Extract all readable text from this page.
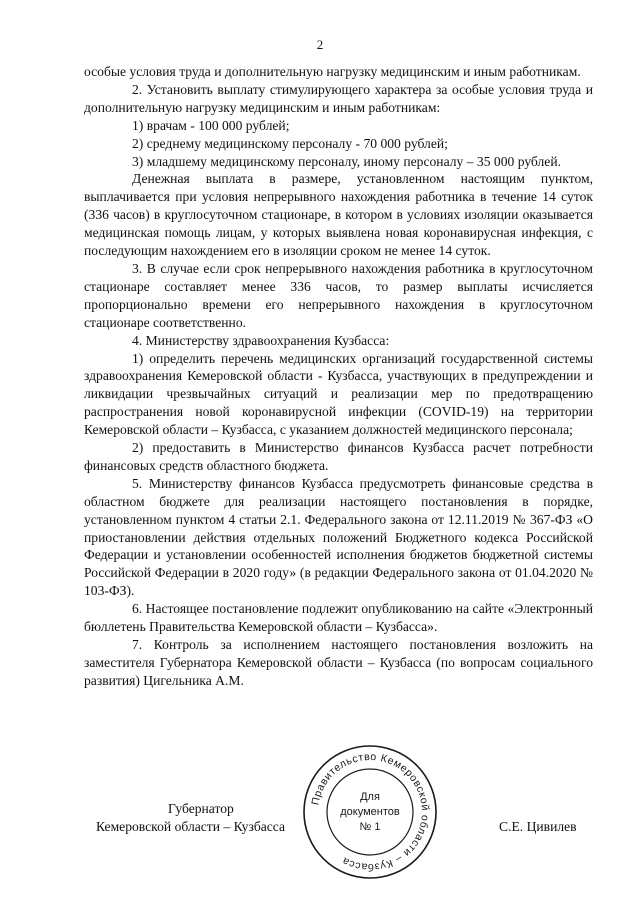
2

особые условия труда и дополнительную нагрузку медицинским и иным работникам.

2. Установить выплату стимулирующего характера за особые условия труда и дополнительную нагрузку медицинским и иным работникам:

1) врачам - 100 000 рублей;

2) среднему медицинскому персоналу - 70 000 рублей;

3) младшему медицинскому персоналу, иному персоналу – 35 000 рублей.

Денежная выплата в размере, установленном настоящим пунктом, выплачивается при условия непрерывного нахождения работника в течение 14 суток (336 часов) в круглосуточном стационаре, в котором в условиях изоляции оказывается медицинская помощь лицам, у которых выявлена новая коронавирусная инфекция, с последующим нахождением его в изоляции сроком не менее 14 суток.

3. В случае если срок непрерывного нахождения работника в круглосуточном стационаре составляет менее 336 часов, то размер выплаты исчисляется пропорционально времени его непрерывного нахождения в круглосуточном стационаре соответственно.

4. Министерству здравоохранения Кузбасса:

1) определить перечень медицинских организаций государственной системы здравоохранения Кемеровской области - Кузбасса, участвующих в предупреждении и ликвидации чрезвычайных ситуаций и реализации мер по предотвращению распространения новой коронавирусной инфекции (COVID-19) на территории Кемеровской области – Кузбасса, с указанием должностей медицинского персонала;

2) предоставить в Министерство финансов Кузбасса расчет потребности финансовых средств областного бюджета.

5. Министерству финансов Кузбасса предусмотреть финансовые средства в областном бюджете для реализации настоящего постановления в порядке, установленном пунктом 4 статьи 2.1. Федерального закона от 12.11.2019 № 367-ФЗ «О приостановлении действия отдельных положений Бюджетного кодекса Российской Федерации и установлении особенностей исполнения бюджетов бюджетной системы Российской Федерации в 2020 году» (в редакции Федерального закона от 01.04.2020 № 103-ФЗ).

6. Настоящее постановление подлежит опубликованию на сайте «Электронный бюллетень Правительства Кемеровской области – Кузбасса».

7. Контроль за исполнением настоящего постановления возложить на заместителя Губернатора Кемеровской области – Кузбасса (по вопросам социального развития) Цигельника А.М.

Губернатор
Кемеровской области – Кузбасса	С.Е. Цивилев
Правительство Кемеровской области – Кузбасса
Для
документов
№ 1
